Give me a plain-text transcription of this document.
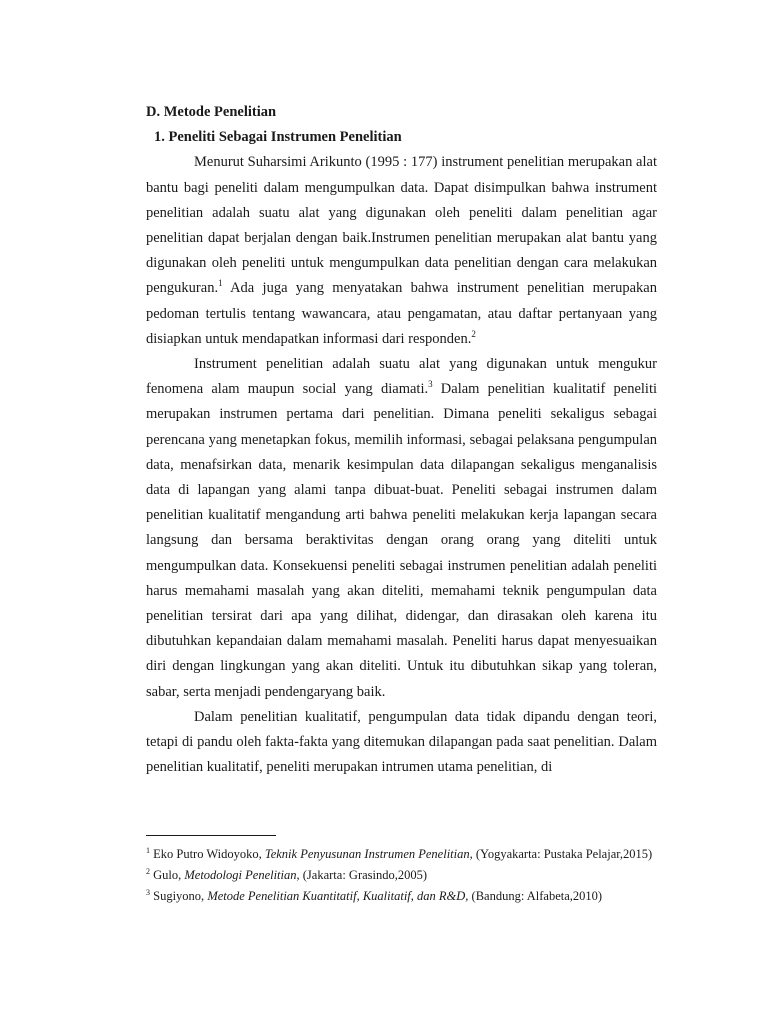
D. Metode Penelitian

1. Peneliti Sebagai Instrumen Penelitian

Menurut Suharsimi Arikunto (1995 : 177) instrument penelitian merupakan alat bantu bagi peneliti dalam mengumpulkan data. Dapat disimpulkan bahwa instrument penelitian adalah suatu alat yang digunakan oleh peneliti dalam penelitian agar penelitian dapat berjalan dengan baik.Instrumen penelitian merupakan alat bantu yang digunakan oleh peneliti untuk mengumpulkan data penelitian dengan cara melakukan pengukuran.$^1$ Ada juga yang menyatakan bahwa instrument penelitian merupakan pedoman tertulis tentang wawancara, atau pengamatan, atau daftar pertanyaan yang disiapkan untuk mendapatkan informasi dari responden.$^2$

Instrument penelitian adalah suatu alat yang digunakan untuk mengukur fenomena alam maupun social yang diamati.$^3$ Dalam penelitian kualitatif peneliti merupakan instrumen pertama dari penelitian. Dimana peneliti sekaligus sebagai perencana yang menetapkan fokus, memilih informasi, sebagai pelaksana pengumpulan data, menafsirkan data, menarik kesimpulan data dilapangan sekaligus menganalisis data di lapangan yang alami tanpa dibuat-buat. Peneliti sebagai instrumen dalam penelitian kualitatif mengandung arti bahwa peneliti melakukan kerja lapangan secara langsung dan bersama beraktivitas dengan orang orang yang diteliti untuk mengumpulkan data. Konsekuensi peneliti sebagai instrumen penelitian adalah peneliti harus memahami masalah yang akan diteliti, memahami teknik pengumpulan data penelitian tersirat dari apa yang dilihat, didengar, dan dirasakan oleh karena itu dibutuhkan kepandaian dalam memahami masalah. Peneliti harus dapat menyesuaikan diri dengan lingkungan yang akan diteliti. Untuk itu dibutuhkan sikap yang toleran, sabar, serta menjadi pendengaryang baik.

Dalam penelitian kualitatif, pengumpulan data tidak dipandu dengan teori, tetapi di pandu oleh fakta-fakta yang ditemukan dilapangan pada saat penelitian. Dalam penelitian kualitatif, peneliti merupakan intrumen utama penelitian, di

$^1$ Eko Putro Widoyoko, Teknik Penyusunan Instrumen Penelitian, (Yogyakarta: Pustaka Pelajar,2015)

$^2$ Gulo, Metodologi Penelitian, (Jakarta: Grasindo,2005)

$^3$ Sugiyono, Metode Penelitian Kuantitatif, Kualitatif, dan R&D, (Bandung: Alfabeta,2010)
